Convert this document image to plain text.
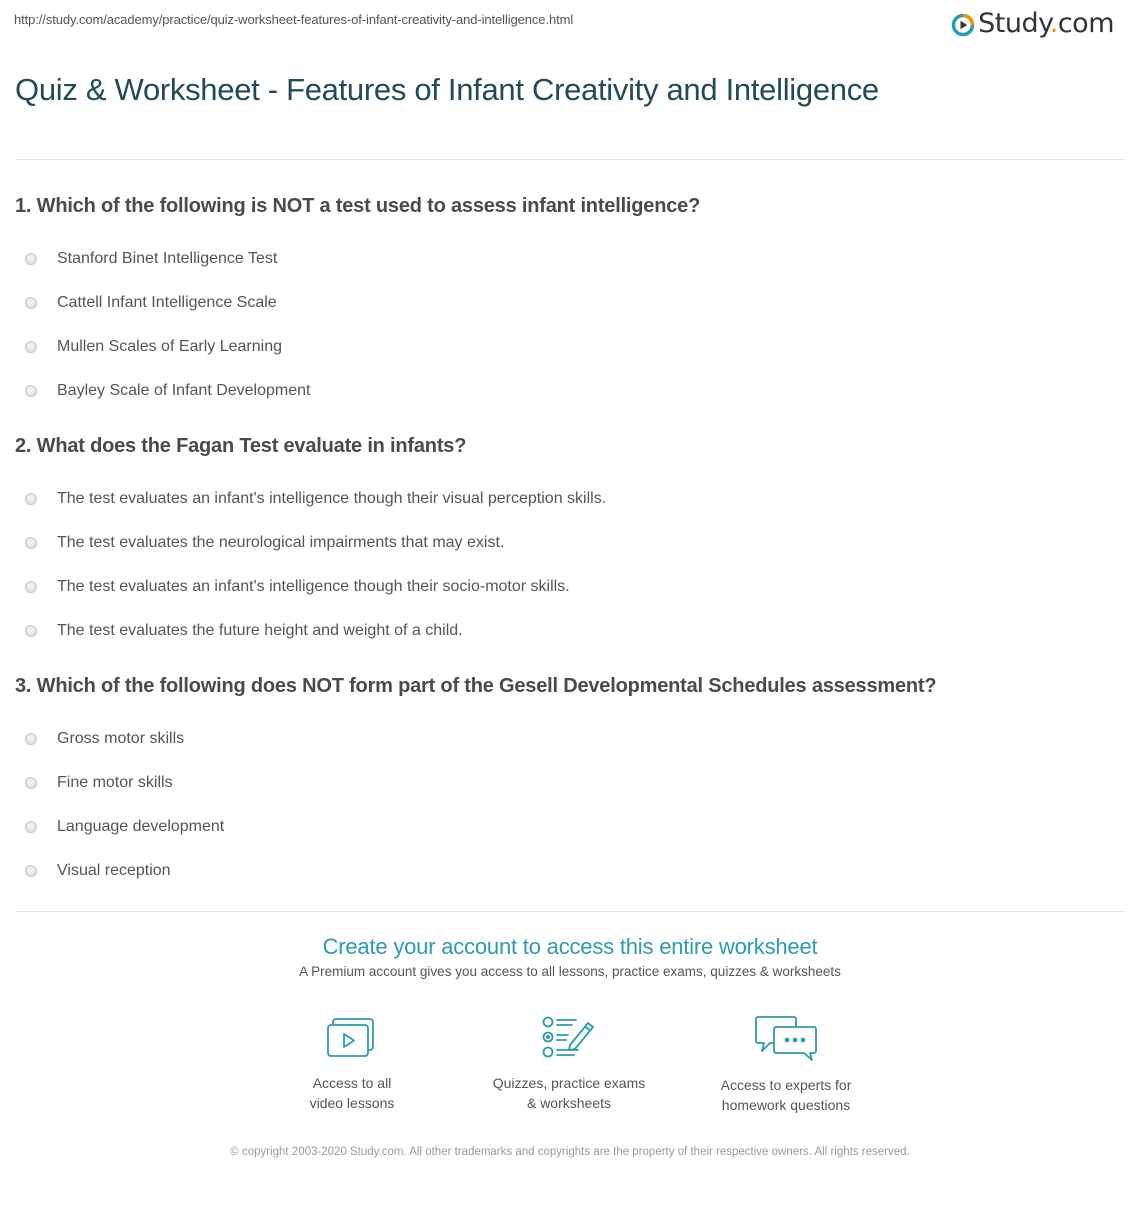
http://study.com/academy/practice/quiz-worksheet-features-of-infant-creativity-and-intelligence.html	Study.com
Quiz & Worksheet - Features of Infant Creativity and Intelligence
1. Which of the following is NOT a test used to assess infant intelligence?
Stanford Binet Intelligence Test
Cattell Infant Intelligence Scale
Mullen Scales of Early Learning
Bayley Scale of Infant Development
2. What does the Fagan Test evaluate in infants?
The test evaluates an infant's intelligence though their visual perception skills.
The test evaluates the neurological impairments that may exist.
The test evaluates an infant's intelligence though their socio-motor skills.
The test evaluates the future height and weight of a child.
3. Which of the following does NOT form part of the Gesell Developmental Schedules assessment?
Gross motor skills
Fine motor skills
Language development
Visual reception
Create your account to access this entire worksheet
A Premium account gives you access to all lessons, practice exams, quizzes & worksheets
Access to all
video lessons
Quizzes, practice exams
& worksheets
Access to experts for
homework questions
© copyright 2003-2020 Study.com. All other trademarks and copyrights are the property of their respective owners. All rights reserved.
